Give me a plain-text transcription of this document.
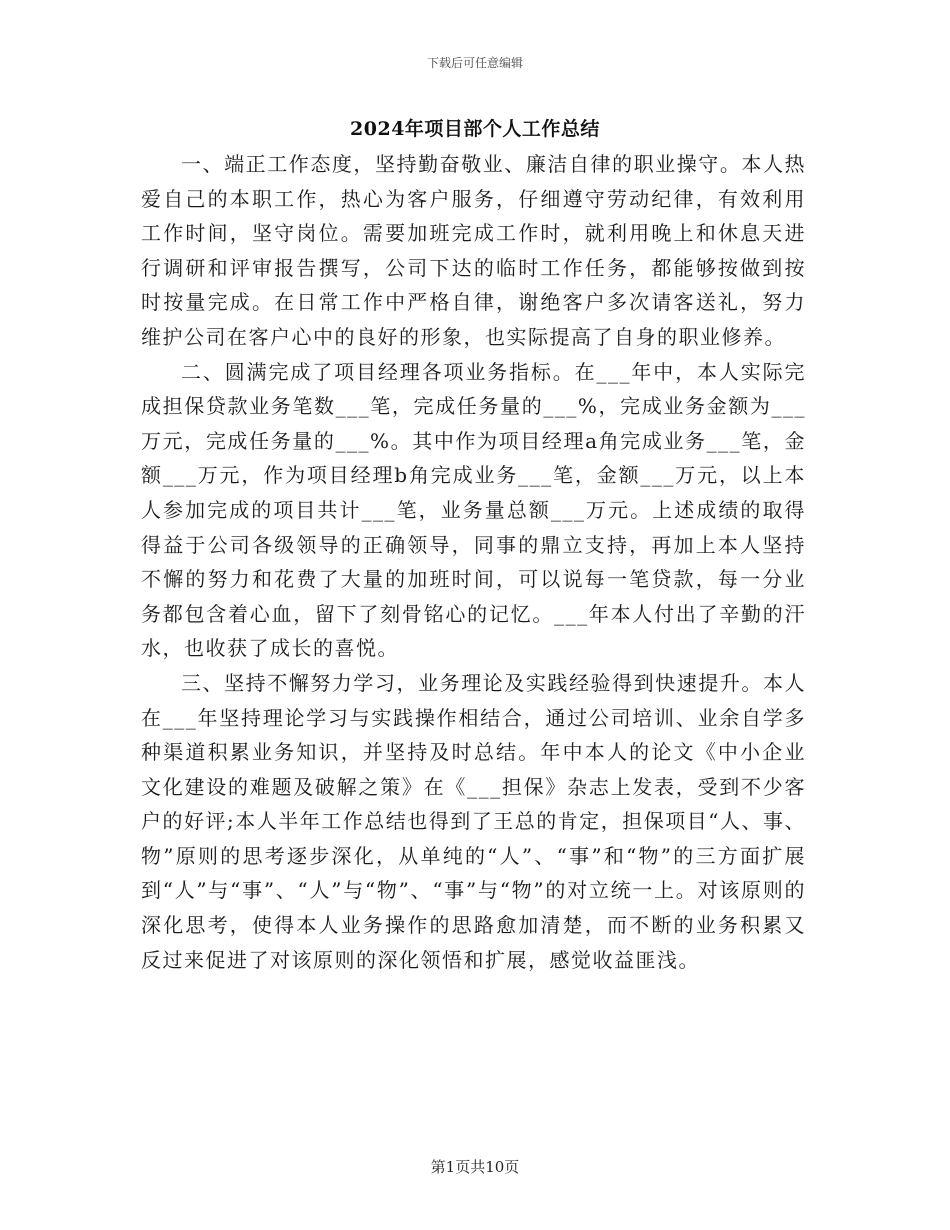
下载后可任意编辑
2024年项目部个人工作总结

一、端正工作态度，坚持勤奋敬业、廉洁自律的职业操守。本人热爱自己的本职工作，热心为客户服务，仔细遵守劳动纪律，有效利用工作时间，坚守岗位。需要加班完成工作时，就利用晚上和休息天进行调研和评审报告撰写，公司下达的临时工作任务，都能够按做到按时按量完成。在日常工作中严格自律，谢绝客户多次请客送礼，努力维护公司在客户心中的良好的形象，也实际提高了自身的职业修养。

二、圆满完成了项目经理各项业务指标。在___年中，本人实际完成担保贷款业务笔数___笔，完成任务量的___%，完成业务金额为___万元，完成任务量的___%。其中作为项目经理a角完成业务___笔，金额___万元，作为项目经理b角完成业务___笔，金额___万元，以上本人参加完成的项目共计___笔，业务量总额___万元。上述成绩的取得得益于公司各级领导的正确领导，同事的鼎立支持，再加上本人坚持不懈的努力和花费了大量的加班时间，可以说每一笔贷款，每一分业务都包含着心血，留下了刻骨铭心的记忆。___年本人付出了辛勤的汗水，也收获了成长的喜悦。

三、坚持不懈努力学习，业务理论及实践经验得到快速提升。本人在___年坚持理论学习与实践操作相结合，通过公司培训、业余自学多种渠道积累业务知识，并坚持及时总结。年中本人的论文《中小企业文化建设的难题及破解之策》在《___担保》杂志上发表，受到不少客户的好评;本人半年工作总结也得到了王总的肯定，担保项目“人、事、物”原则的思考逐步深化，从单纯的“人”、“事”和“物”的三方面扩展到“人”与“事”、“人”与“物”、“事”与“物”的对立统一上。对该原则的深化思考，使得本人业务操作的思路愈加清楚，而不断的业务积累又反过来促进了对该原则的深化领悟和扩展，感觉收益匪浅。

第1页共10页
